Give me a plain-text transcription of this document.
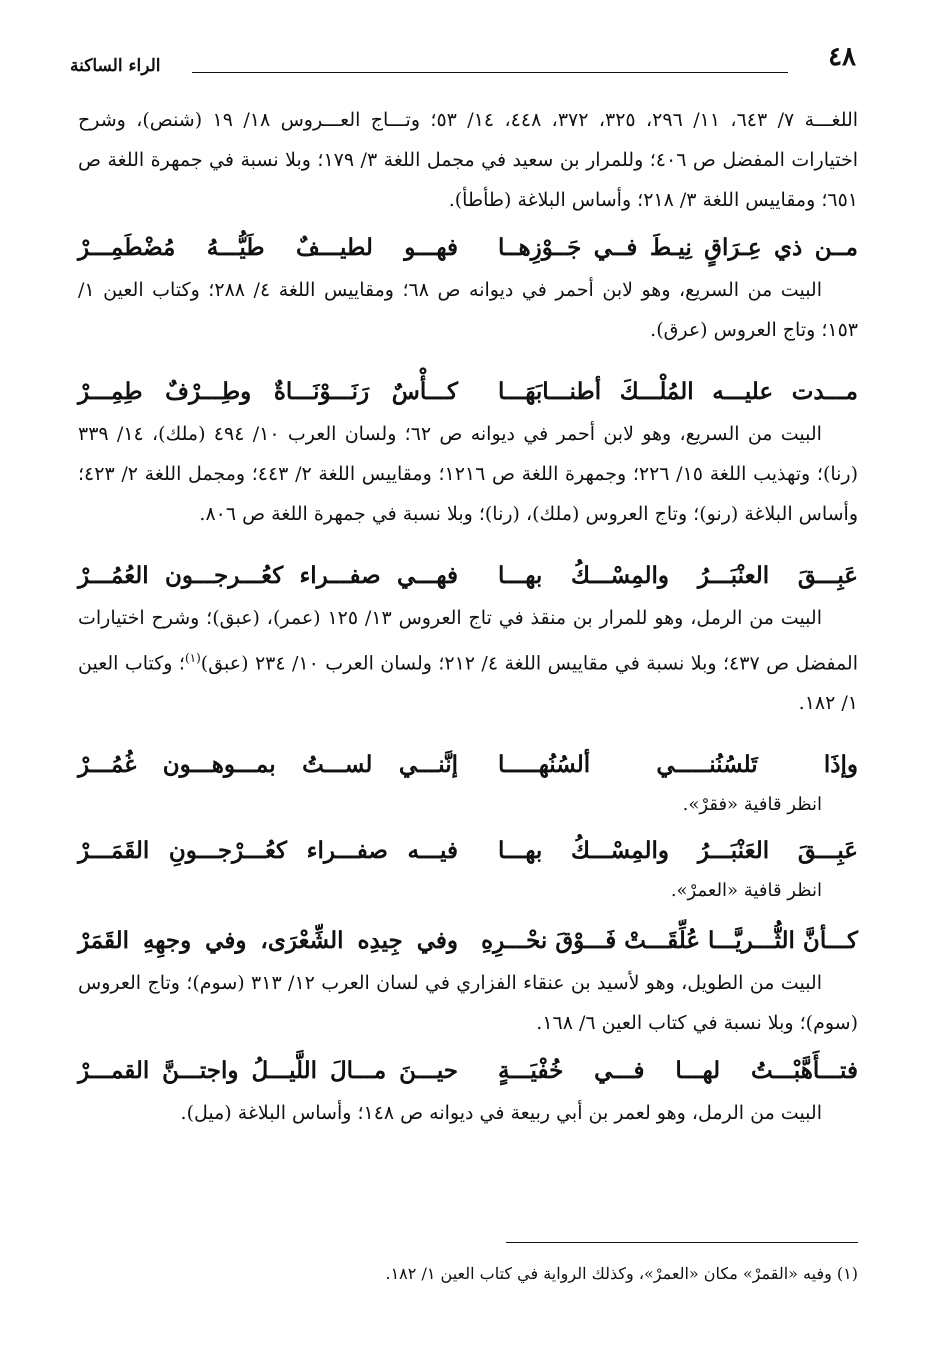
٤٨
الراء الساكنة

اللغـــة ٧/ ٦٤٣، ١١/ ٢٩٦، ٣٢٥، ٣٧٢، ٤٤٨، ١٤/ ٥٣؛ وتـــاج العـــروس ١٨/ ١٩ (شنص)، وشرح اختيارات المفضل ص ٤٠٦؛ وللمرار بن سعيد في مجمل اللغة ٣/ ١٧٩؛ وبلا نسبة في جمهرة اللغة ص ٦٥١؛ ومقاييس اللغة ٣/ ٢١٨؛ وأساس البلاغة (طأطأ).

مــن ذي عِـرَاقٍ نِيـطَ فــي جَــوْزِهــا
فهـــو لطيـــفٌ طَيُّـــهُ مُضْطَمِـــرْ

البيت من السريع، وهو لابن أحمر في ديوانه ص ٦٨؛ ومقاييس اللغة ٤/ ٢٨٨؛ وكتاب العين ١/ ١٥٣؛ وتاج العروس (عرق).

مـــدت عليـــه المُلْـــكَ أطنـــابَهَـــا
كـــأْسٌ رَنَـــوْنَـــاةٌ وطِـــرْفٌ طِمِـــرْ

البيت من السريع، وهو لابن أحمر في ديوانه ص ٦٢؛ ولسان العرب ١٠/ ٤٩٤ (ملك)، ١٤/ ٣٣٩ (رنا)؛ وتهذيب اللغة ١٥/ ٢٢٦؛ وجمهرة اللغة ص ١٢١٦؛ ومقاييس اللغة ٢/ ٤٤٣؛ ومجمل اللغة ٢/ ٤٢٣؛ وأساس البلاغة (رنو)؛ وتاج العروس (ملك)، (رنا)؛ وبلا نسبة في جمهرة اللغة ص ٨٠٦.

عَبِـــقَ العنْبَـــرُ والمِسْـــكُ بهـــا
فهـــي صفـــراء كعُـــرجـــون العُمُـــرْ

البيت من الرمل، وهو للمرار بن منقذ في تاج العروس ١٣/ ١٢٥ (عمر)، (عبق)؛ وشرح اختيارات المفضل ص ٤٣٧؛ وبلا نسبة في مقاييس اللغة ٤/ ٢١٢؛ ولسان العرب ١٠/ ٢٣٤ (عبق)$^{(١)}$؛ وكتاب العين ١/ ١٨٢.

وإذَا تَلسُنُنـــــي ألسُنُهـــــا
إنَّنـــي لســـتُ بمـــوهـــون غُمُـــرْ

انظر قافية «فقرْ».

عَبِـــقَ العَنْبَـــرُ والمِسْـــكُ بهـــا
فيـــه صفـــراء كعُـــرْجـــونِ القَمَـــرْ

انظر قافية «العمرْ».

كـــأنَّ الثُّـــريَّـــا عُلِّقَـــتْ فَـــوْقَ نحْـــرِهِ
وفي جِيدِه الشِّعْرَى، وفي وجهِهِ القَمَرْ

البيت من الطويل، وهو لأسيد بن عنقاء الفزاري في لسان العرب ١٢/ ٣١٣ (سوم)؛ وتاج العروس (سوم)؛ وبلا نسبة في كتاب العين ٦/ ١٦٨.

فتـــأَهَّبْـــتُ لهـــا فـــي خُفْيَـــةٍ
حيـــنَ مـــالَ اللَّيـــلُ واجتـــنَّ القمـــرْ

البيت من الرمل، وهو لعمر بن أبي ربيعة في ديوانه ص ١٤٨؛ وأساس البلاغة (ميل).

(١) وفيه «القمرْ» مكان «العمرْ»، وكذلك الرواية في كتاب العين ١/ ١٨٢.
